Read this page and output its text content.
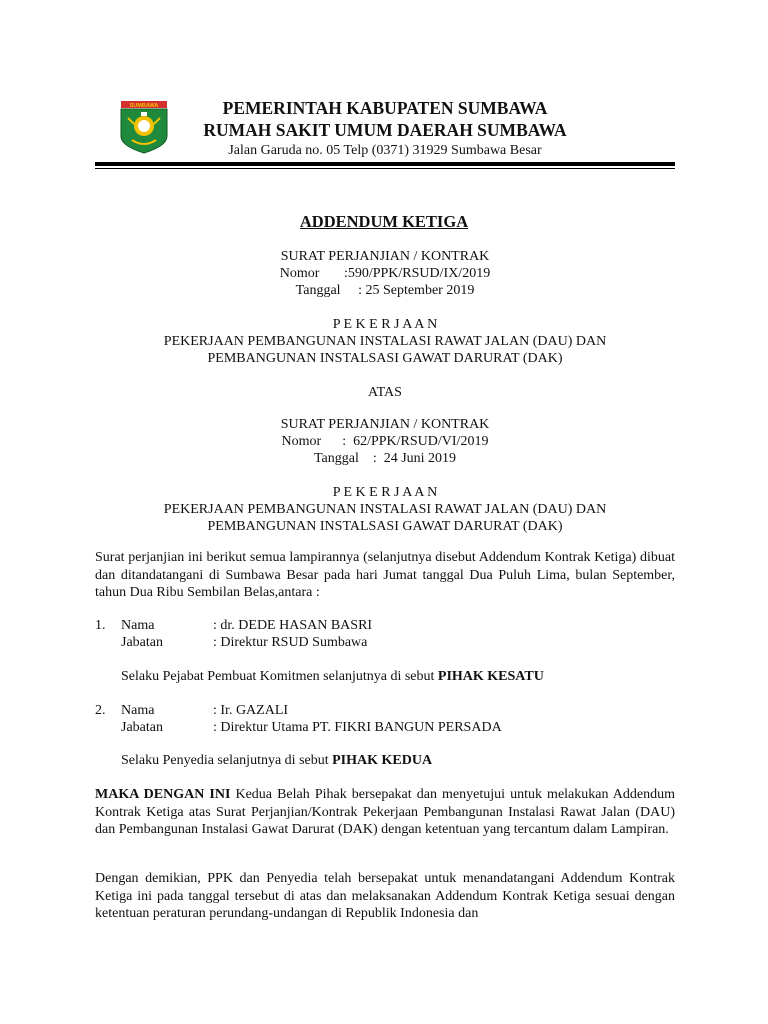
SUMBAWA	PEMERINTAH KABUPATEN SUMBAWA
RUMAH SAKIT UMUM DAERAH SUMBAWA
Jalan Garuda no. 05 Telp (0371) 31929 Sumbawa Besar
ADDENDUM KETIGA
SURAT PERJANJIAN / KONTRAK
Nomor       :590/PPK/RSUD/IX/2019
Tanggal     : 25 September 2019
P E K E R J A A N
PEKERJAAN PEMBANGUNAN INSTALASI RAWAT JALAN (DAU) DAN
PEMBANGUNAN INSTALSASI GAWAT DARURAT (DAK)
ATAS
SURAT PERJANJIAN / KONTRAK
Nomor      :  62/PPK/RSUD/VI/2019
Tanggal    :  24 Juni 2019
P E K E R J A A N
PEKERJAAN PEMBANGUNAN INSTALASI RAWAT JALAN (DAU) DAN
PEMBANGUNAN INSTALSASI GAWAT DARURAT (DAK)
Surat perjanjian ini berikut semua lampirannya (selanjutnya disebut Addendum Kontrak Ketiga) dibuat dan ditandatangani di Sumbawa Besar pada hari Jumat tanggal Dua Puluh Lima, bulan September, tahun Dua Ribu Sembilan Belas,antara :
1. Nama	: dr. DEDE HASAN BASRI
Jabatan	: Direktur RSUD Sumbawa
Selaku Pejabat Pembuat Komitmen selanjutnya di sebut PIHAK KESATU
2. Nama	: Ir. GAZALI
Jabatan	: Direktur Utama PT. FIKRI BANGUN PERSADA
Selaku Penyedia selanjutnya di sebut PIHAK KEDUA
MAKA DENGAN INI Kedua Belah Pihak bersepakat dan menyetujui untuk melakukan Addendum Kontrak Ketiga atas Surat Perjanjian/Kontrak Pekerjaan Pembangunan Instalasi Rawat Jalan (DAU) dan Pembangunan Instalasi Gawat Darurat (DAK) dengan ketentuan yang tercantum dalam Lampiran.
Dengan demikian, PPK dan Penyedia telah bersepakat untuk menandatangani Addendum Kontrak Ketiga ini pada tanggal tersebut di atas dan melaksanakan Addendum Kontrak Ketiga sesuai dengan ketentuan peraturan perundang-undangan di Republik Indonesia dan
